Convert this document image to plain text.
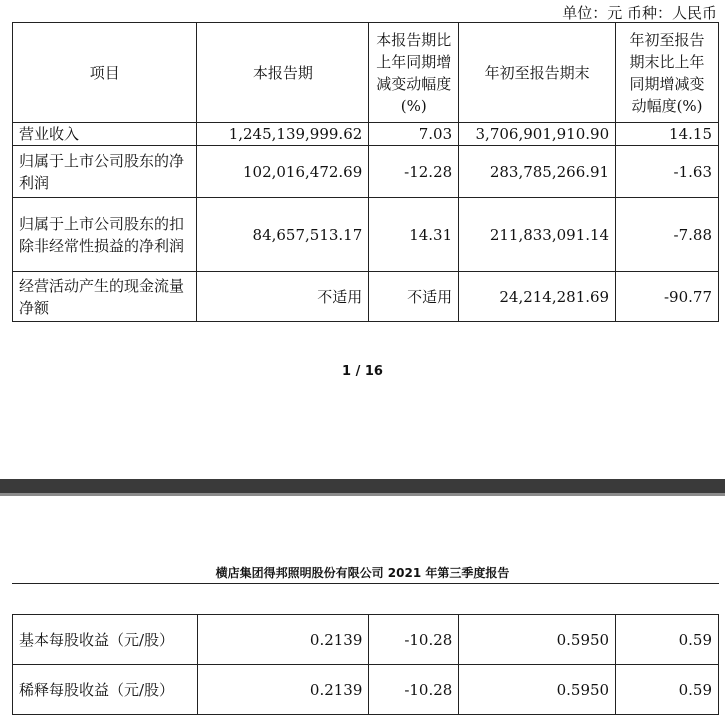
单位：元 币种：人民币
项目	本报告期	本报告期比上年同期增减变动幅度(%)	年初至报告期末	年初至报告期末比上年同期增减变动幅度(%)
营业收入	1,245,139,999.62	7.03	3,706,901,910.90	14.15
归属于上市公司股东的净利润	102,016,472.69	-12.28	283,785,266.91	-1.63
归属于上市公司股东的扣除非经常性损益的净利润	84,657,513.17	14.31	211,833,091.14	-7.88
经营活动产生的现金流量净额	不适用	不适用	24,214,281.69	-90.77
1 / 16
横店集团得邦照明股份有限公司 2021 年第三季度报告
基本每股收益（元/股）	0.2139	-10.28	0.5950	0.59
稀释每股收益（元/股）	0.2139	-10.28	0.5950	0.59
